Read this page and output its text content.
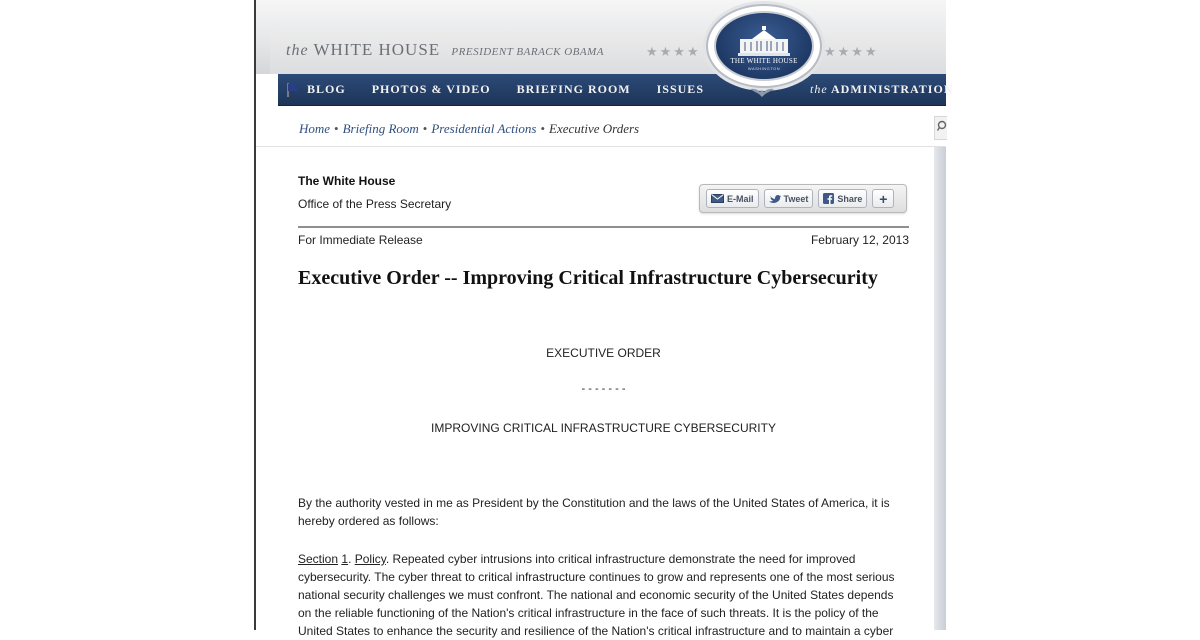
the WHITE HOUSE PRESIDENT BARACK OBAMA	★★★★	★★★★
BLOG PHOTOS & VIDEO BRIEFING ROOM ISSUES	the ADMINISTRATION
THE WHITE HOUSE
WASHINGTON
Home • Briefing Room • Presidential Actions • Executive Orders
The White House
Office of the Press Secretary	E-Mail	Tweet	Share +
For Immediate Release	February 12, 2013
Executive Order -- Improving Critical Infrastructure Cybersecurity
EXECUTIVE ORDER
- - - - - - -
IMPROVING CRITICAL INFRASTRUCTURE CYBERSECURITY
By the authority vested in me as President by the Constitution and the laws of the United States of America, it is hereby ordered as follows:
Section 1. Policy. Repeated cyber intrusions into critical infrastructure demonstrate the need for improved cybersecurity. The cyber threat to critical infrastructure continues to grow and represents one of the most serious national security challenges we must confront. The national and economic security of the United States depends on the reliable functioning of the Nation's critical infrastructure in the face of such threats. It is the policy of the United States to enhance the security and resilience of the Nation's critical infrastructure and to maintain a cyber
